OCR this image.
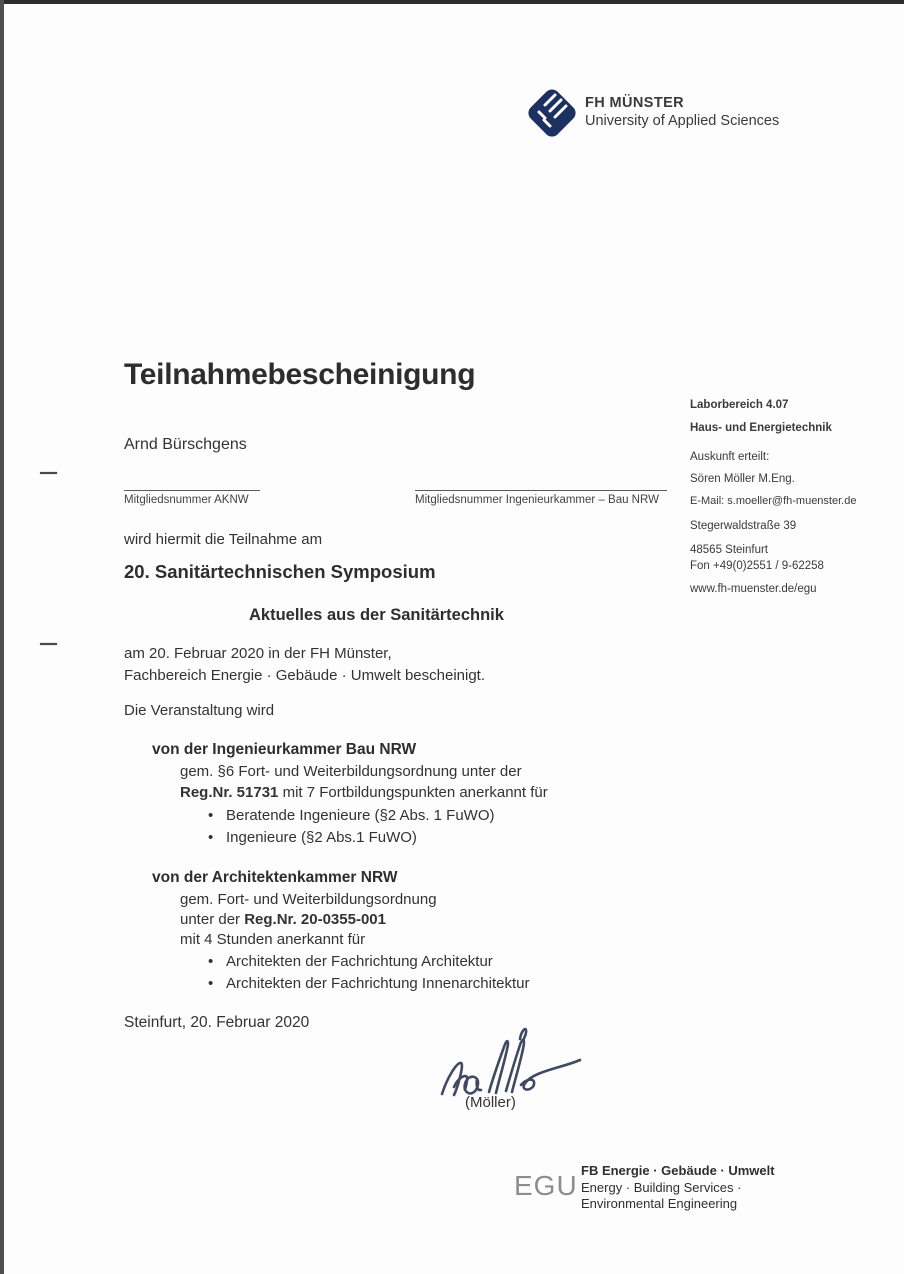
FH MÜNSTER
University of Applied Sciences
Laborbereich 4.07
Haus- und Energietechnik
Auskunft erteilt:
Sören Möller M.Eng.
E-Mail: s.moeller@fh-muenster.de
Stegerwaldstraße 39
48565 Steinfurt
Fon +49(0)2551 / 9-62258
www.fh-muenster.de/egu
Teilnahmebescheinigung
Arnd Bürschgens
Mitgliedsnummer AKNW	Mitgliedsnummer Ingenieurkammer – Bau NRW
wird hiermit die Teilnahme am
20. Sanitärtechnischen Symposium
Aktuelles aus der Sanitärtechnik
am 20. Februar 2020 in der FH Münster,
Fachbereich Energie · Gebäude · Umwelt bescheinigt.
Die Veranstaltung wird
von der Ingenieurkammer Bau NRW
gem. §6 Fort- und Weiterbildungsordnung unter der
Reg.Nr. 51731 mit 7 Fortbildungspunkten anerkannt für
• Beratende Ingenieure (§2 Abs. 1 FuWO)
• Ingenieure (§2 Abs.1 FuWO)
von der Architektenkammer NRW
gem. Fort- und Weiterbildungsordnung
unter der Reg.Nr. 20-0355-001
mit 4 Stunden anerkannt für
• Architekten der Fachrichtung Architektur
• Architekten der Fachrichtung Innenarchitektur
Steinfurt, 20. Februar 2020
(Möller)
EGU FB Energie · Gebäude · Umwelt
Energy · Building Services ·
Environmental Engineering
